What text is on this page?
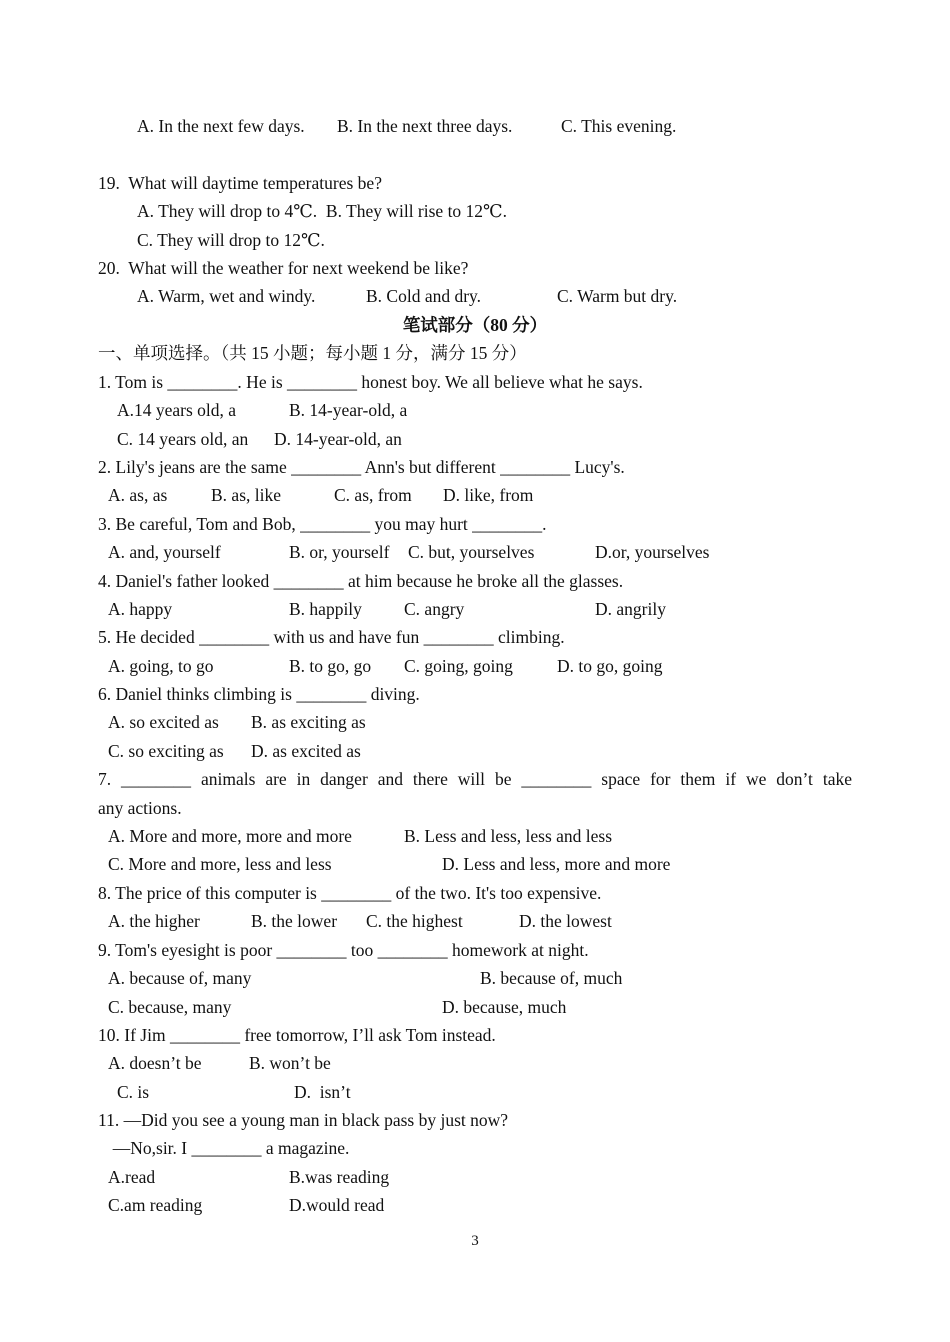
A. In the next few days.

B. In the next three days.

	C. This evening.

19.  What will daytime temperatures be?
A. They will drop to 4℃.  B. They will rise to 12℃.
C. They will drop to 12℃.
20.  What will the weather for next weekend be like?

A. Warm, wet and windy.

	B. Cold and dry.

	C. Warm but dry.

笔试部分（80 分）
一、单项选择。（共 15 小题；每小题 1 分，满分 15 分）
1. Tom is ________. He is ________ honest boy. We all believe what he says.

A.14 years old, a

	B. 14-year-old, a

C. 14 years old, an

D. 14-year-old, an

2. Lily's jeans are the same ________ Ann's but different ________ Lucy's.

A. as, as

B. as, like

	C. as, from

D. like, from

3. Be careful, Tom and Bob, ________ you may hurt ________.

A. and, yourself

	B. or, yourself

C. but, yourselves

	D.or, yourselves

4. Daniel's father looked ________ at him because he broke all the glasses.

A. happy

	B. happily

C. angry

	D. angrily

5. He decided ________ with us and have fun ________ climbing.

A. going, to go

	B. to go, go

C. going, going

	D. to go, going

6. Daniel thinks climbing is ________ diving.

A. so excited as

B. as exciting as

C. so exciting as

D. as excited as

7. ________ animals are in danger and there will be ________ space for them if we don’t take
any actions.

A. More and more, more and more

	B. Less and less, less and less

C. More and more, less and less

	D. Less and less, more and more

8. The price of this computer is ________ of the two. It's too expensive.

A. the higher

	B. the lower

C. the highest

	D. the lowest

9. Tom's eyesight is poor ________ too ________ homework at night.

A. because of, many

	B. because of, much

C. because, many

	D. because, much

10. If Jim ________ free tomorrow, I’ll ask Tom instead.

A. doesn’t be

	B. won’t be

C. is

	D.  isn’t

11. —Did you see a young man in black pass by just now?
—No,sir. I ________ a magazine.

A.read

	B.was reading

C.am reading

	D.would read

3
